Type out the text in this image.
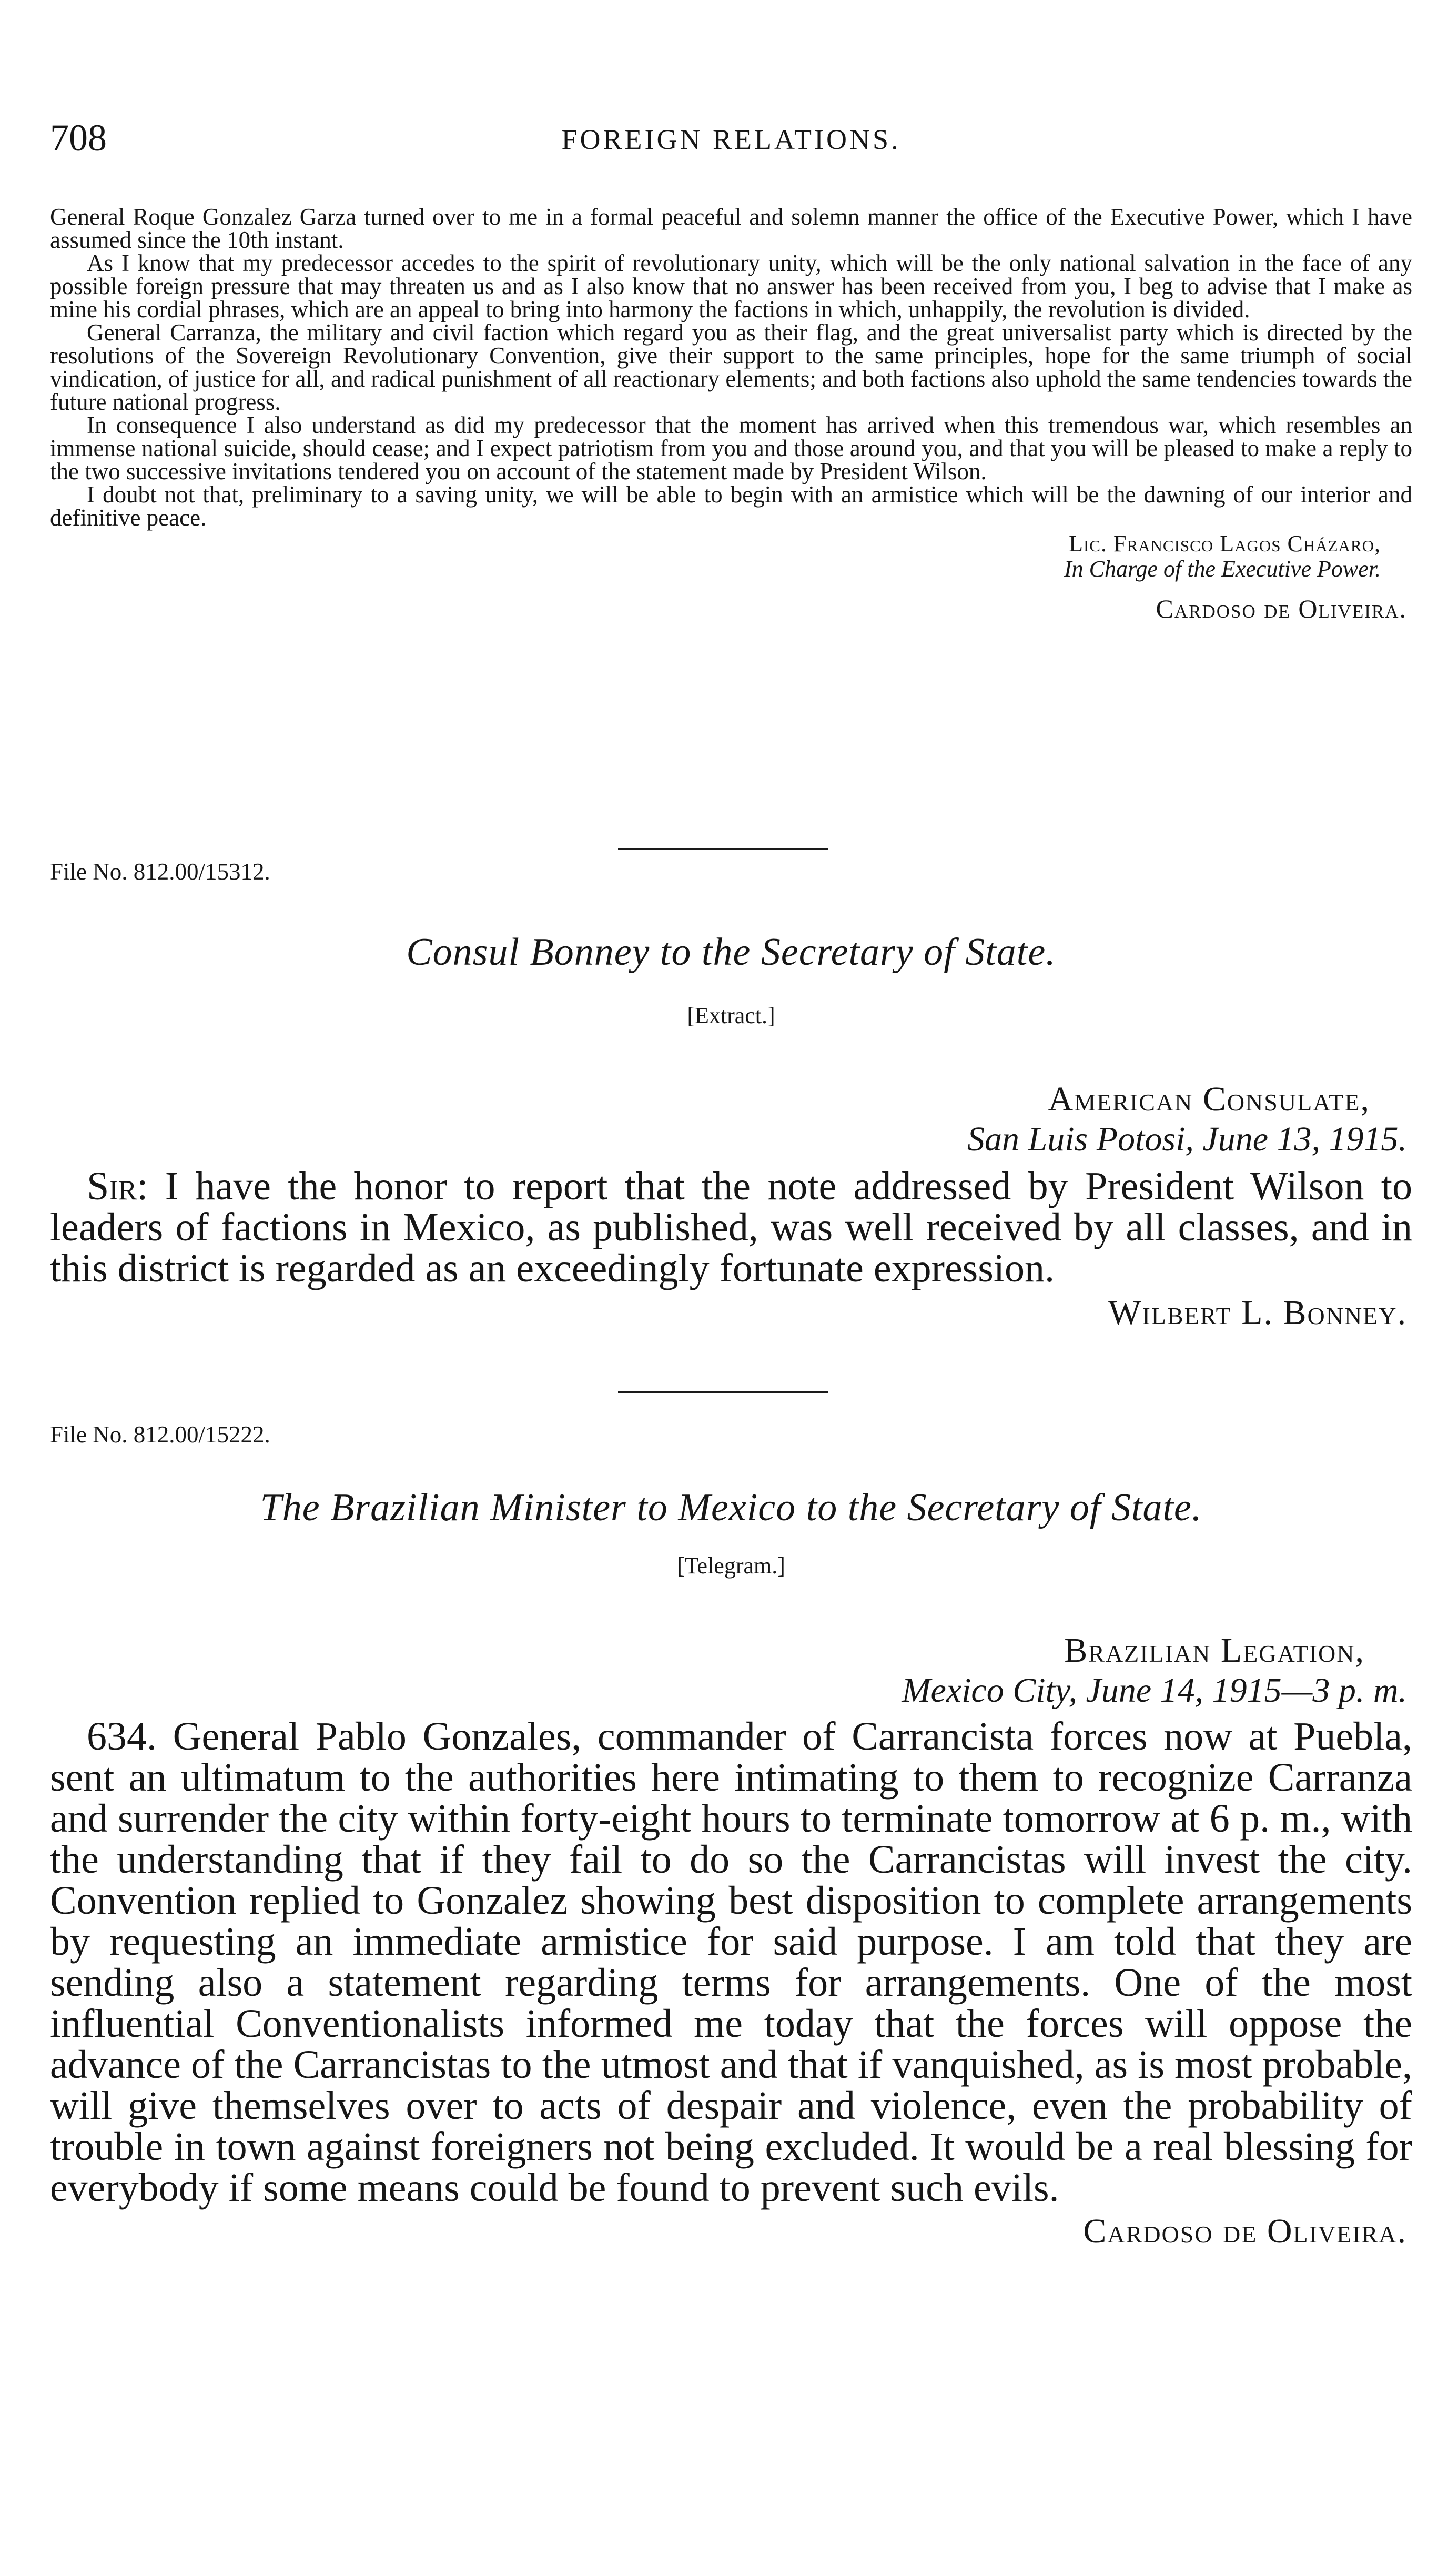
708	FOREIGN RELATIONS.

General Roque Gonzalez Garza turned over to me in a formal peaceful and solemn manner the office of the Executive Power, which I have assumed since the 10th instant.

As I know that my predecessor accedes to the spirit of revolutionary unity, which will be the only national salvation in the face of any possible foreign pressure that may threaten us and as I also know that no answer has been received from you, I beg to advise that I make as mine his cordial phrases, which are an appeal to bring into harmony the factions in which, unhappily, the revolution is divided.

General Carranza, the military and civil faction which regard you as their flag, and the great universalist party which is directed by the resolutions of the Sovereign Revolutionary Convention, give their support to the same principles, hope for the same triumph of social vindication, of justice for all, and radical punishment of all reactionary elements; and both factions also uphold the same tendencies towards the future national progress.

In consequence I also understand as did my predecessor that the moment has arrived when this tremendous war, which resembles an immense national suicide, should cease; and I expect patriotism from you and those around you, and that you will be pleased to make a reply to the two successive invitations tendered you on account of the statement made by President Wilson.

I doubt not that, preliminary to a saving unity, we will be able to begin with an armistice which will be the dawning of our interior and definitive peace.

Lic. Francisco Lagos Cházaro,
In Charge of the Executive Power.
Cardoso de Oliveira.
File No. 812.00/15312.
Consul Bonney to the Secretary of State.
[Extract.]
American Consulate,
San Luis Potosi, June 13, 1915.

Sir: I have the honor to report that the note addressed by President Wilson to leaders of factions in Mexico, as published, was well received by all classes, and in this district is regarded as an exceedingly fortunate expression.

Wilbert L. Bonney.
File No. 812.00/15222.
The Brazilian Minister to Mexico to the Secretary of State.
[Telegram.]
Brazilian Legation,
Mexico City, June 14, 1915—3 p. m.

634. General Pablo Gonzales, commander of Carrancista forces now at Puebla, sent an ultimatum to the authorities here intimating to them to recognize Carranza and surrender the city within forty-eight hours to terminate tomorrow at 6 p. m., with the understanding that if they fail to do so the Carrancistas will invest the city. Convention replied to Gonzalez showing best disposition to complete arrangements by requesting an immediate armistice for said purpose. I am told that they are sending also a statement regarding terms for arrangements. One of the most influential Conventionalists informed me today that the forces will oppose the advance of the Carrancistas to the utmost and that if vanquished, as is most probable, will give themselves over to acts of despair and violence, even the probability of trouble in town against foreigners not being excluded. It would be a real blessing for everybody if some means could be found to prevent such evils.

Cardoso de Oliveira.
